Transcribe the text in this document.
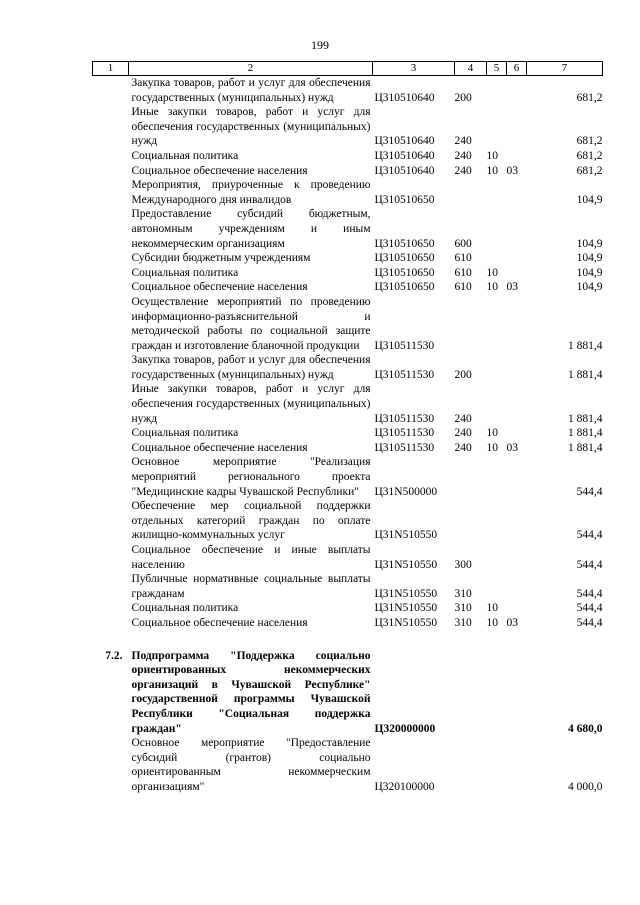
199
1	2	3	4	5	6	7
	Закупка товаров, работ и услуг для обеспечения государственных (муниципальных) нужд	Ц310510640	200			681,2
	Иные закупки товаров, работ и услуг для обеспечения государственных (муниципальных) нужд	Ц310510640	240			681,2
	Социальная политика	Ц310510640	240	10		681,2
	Социальное обеспечение населения	Ц310510640	240	10	03	681,2
	Мероприятия, приуроченные к проведению Международного дня инвалидов	Ц310510650				104,9
	Предоставление субсидий бюджетным, автономным учреждениям и иным некоммерческим организациям	Ц310510650	600			104,9
	Субсидии бюджетным учреждениям	Ц310510650	610			104,9
	Социальная политика	Ц310510650	610	10		104,9
	Социальное обеспечение населения	Ц310510650	610	10	03	104,9
	Осуществление мероприятий по проведению информационно-разъяснительной и методической работы по социальной защите граждан и изготовление бланочной продукции	Ц310511530				1 881,4
	Закупка товаров, работ и услуг для обеспечения государственных (муниципальных) нужд	Ц310511530	200			1 881,4
	Иные закупки товаров, работ и услуг для обеспечения государственных (муниципальных) нужд	Ц310511530	240			1 881,4
	Социальная политика	Ц310511530	240	10		1 881,4
	Социальное обеспечение населения	Ц310511530	240	10	03	1 881,4
	Основное мероприятие "Реализация мероприятий регионального проекта "Медицинские кадры Чувашской Республики"	Ц31N500000				544,4
	Обеспечение мер социальной поддержки отдельных категорий граждан по оплате жилищно-коммунальных услуг	Ц31N510550				544,4
	Социальное обеспечение и иные выплаты населению	Ц31N510550	300			544,4
	Публичные нормативные социальные выплаты гражданам	Ц31N510550	310			544,4
	Социальная политика	Ц31N510550	310	10		544,4
	Социальное обеспечение населения	Ц31N510550	310	10	03	544,4

7.2.	Подпрограмма "Поддержка социально ориентированных некоммерческих организаций в Чувашской Республике" государственной программы Чувашской Республики "Социальная поддержка граждан"	Ц320000000				4 680,0
	Основное мероприятие "Предоставление субсидий (грантов) социально ориентированным некоммерческим организациям"	Ц320100000				4 000,0
